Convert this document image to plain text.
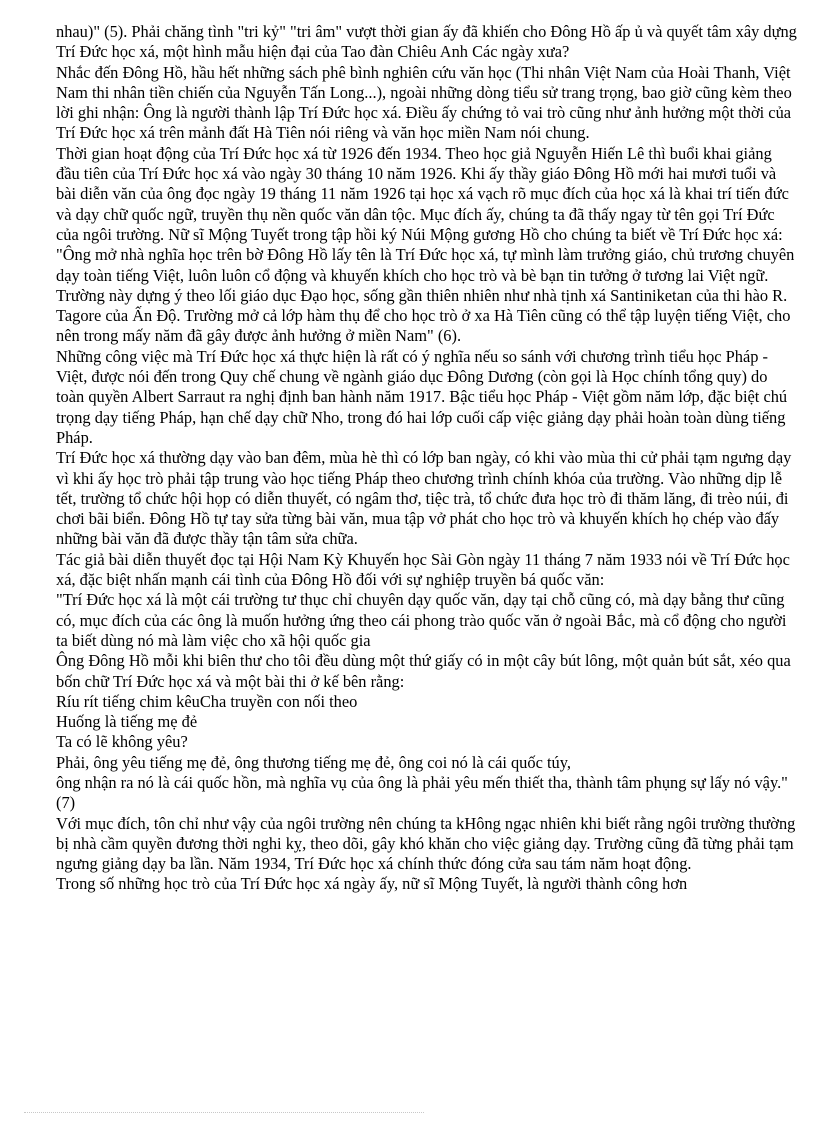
nhau)" (5). Phải chăng tình "tri kỷ" "tri âm" vượt thời gian ấy đã khiến cho Đông Hồ ấp ủ và quyết tâm xây dựng Trí Đức học xá, một hình mẫu hiện đại của Tao đàn Chiêu Anh Các ngày xưa?

Nhắc đến Đông Hồ, hầu hết những sách phê bình nghiên cứu văn học (Thi nhân Việt Nam của Hoài Thanh, Việt Nam thi nhân tiền chiến của Nguyễn Tấn Long...), ngoài những dòng tiểu sử trang trọng, bao giờ cũng kèm theo lời ghi nhận: Ông là người thành lập Trí Đức học xá. Điều ấy chứng tỏ vai trò cũng như ảnh hưởng một thời của Trí Đức học xá trên mảnh đất Hà Tiên nói riêng và văn học miền Nam nói chung.

Thời gian hoạt động của Trí Đức học xá từ 1926 đến 1934. Theo học giả Nguyễn Hiến Lê thì buổi khai giảng đầu tiên của Trí Đức học xá vào ngày 30 tháng 10 năm 1926. Khi ấy thầy giáo Đông Hồ mới hai mươi tuổi và bài diễn văn của ông đọc ngày 19 tháng 11 năm 1926 tại học xá vạch rõ mục đích của học xá là khai trí tiến đức và dạy chữ quốc ngữ, truyền thụ nền quốc văn dân tộc. Mục đích ấy, chúng ta đã thấy ngay từ tên gọi Trí Đức của ngôi trường. Nữ sĩ Mộng Tuyết trong tập hồi ký Núi Mộng gương Hồ cho chúng ta biết về Trí Đức học xá: "Ông mở nhà nghĩa học trên bờ Đông Hồ lấy tên là Trí Đức học xá, tự mình làm trưởng giáo, chủ trương chuyên dạy toàn tiếng Việt, luôn luôn cổ động và khuyến khích cho học trò và bè bạn tin tưởng ở tương lai Việt ngữ. Trường này dựng ý theo lối giáo dục Đạo học, sống gần thiên nhiên như nhà tịnh xá Santiniketan của thi hào R. Tagore của Ấn Độ. Trường mở cả lớp hàm thụ để cho học trò ở xa Hà Tiên cũng có thể tập luyện tiếng Việt, cho nên trong mấy năm đã gây được ảnh hưởng ở miền Nam" (6).

Những công việc mà Trí Đức học xá thực hiện là rất có ý nghĩa nếu so sánh với chương trình tiểu học Pháp - Việt, được nói đến trong Quy chế chung về ngành giáo dục Đông Dương (còn gọi là Học chính tổng quy) do toàn quyền Albert Sarraut ra nghị định ban hành năm 1917. Bậc tiểu học Pháp - Việt gồm năm lớp, đặc biệt chú trọng dạy tiếng Pháp, hạn chế dạy chữ Nho, trong đó hai lớp cuối cấp việc giảng dạy phải hoàn toàn dùng tiếng Pháp.

Trí Đức học xá thường dạy vào ban đêm, mùa hè thì có lớp ban ngày, có khi vào mùa thi cử phải tạm ngưng dạy vì khi ấy học trò phải tập trung vào học tiếng Pháp theo chương trình chính khóa của trường. Vào những dịp lễ tết, trường tổ chức hội họp có diễn thuyết, có ngâm thơ, tiệc trà, tổ chức đưa học trò đi thăm lăng, đi trèo núi, đi chơi bãi biển. Đông Hồ tự tay sửa từng bài văn, mua tập vở phát cho học trò và khuyến khích họ chép vào đấy những bài văn đã được thầy tận tâm sửa chữa.

Tác giả bài diễn thuyết đọc tại Hội Nam Kỳ Khuyến học Sài Gòn ngày 11 tháng 7 năm 1933 nói về Trí Đức học xá, đặc biệt nhấn mạnh cái tình của Đông Hồ đối với sự nghiệp truyền bá quốc văn:

"Trí Đức học xá là một cái trường tư thục chỉ chuyên dạy quốc văn, dạy tại chỗ cũng có, mà dạy bằng thư cũng có, mục đích của các ông là muốn hưởng ứng theo cái phong trào quốc văn ở ngoài Bắc, mà cổ động cho người ta biết dùng nó mà làm việc cho xã hội quốc gia

Ông Đông Hồ mỗi khi biên thư cho tôi đều dùng một thứ giấy có in một cây bút lông, một quản bút sắt, xéo qua bốn chữ Trí Đức học xá và một bài thi ở kế bên rằng:

Ríu rít tiếng chim kêuCha truyền con nối theo

Huống là tiếng mẹ đẻ

Ta có lẽ không yêu?

Phải, ông yêu tiếng mẹ đẻ, ông thương tiếng mẹ đẻ, ông coi nó là cái quốc túy,

ông nhận ra nó là cái quốc hồn, mà nghĩa vụ của ông là phải yêu mến thiết tha, thành tâm phụng sự lấy nó vậy." (7)

Với mục đích, tôn chỉ như vậy của ngôi trường nên chúng ta kHông ngạc nhiên khi biết rằng ngôi trường thường bị nhà cầm quyền đương thời nghi kỵ, theo dõi, gây khó khăn cho việc giảng dạy. Trường cũng đã từng phải tạm ngưng giảng dạy ba lần. Năm 1934, Trí Đức học xá chính thức đóng cửa sau tám năm hoạt động.

Trong số những học trò của Trí Đức học xá ngày ấy, nữ sĩ Mộng Tuyết, là người thành công hơn
